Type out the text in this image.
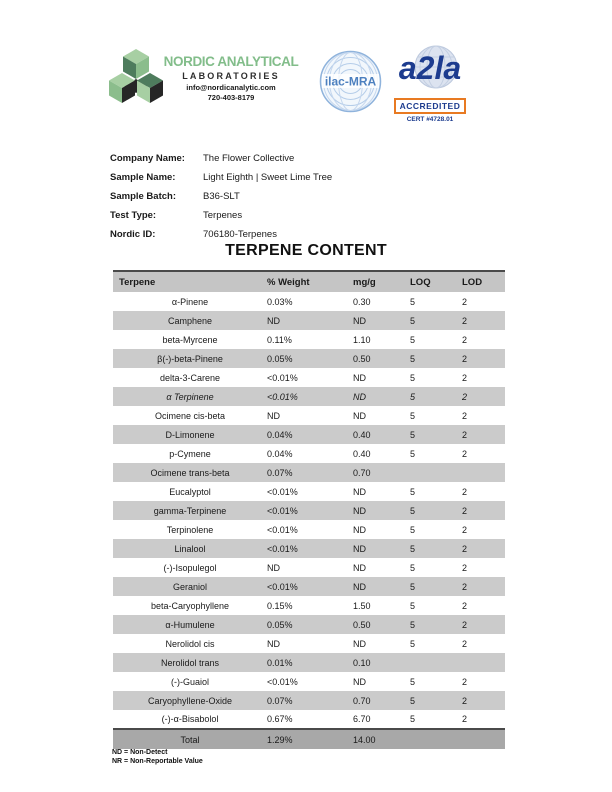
NORDIC ANALYTICAL
LABORATORIES
info@nordicanalytic.com
720-403-8179
ilac-MRA a2la
ACCREDITED
CERT #4728.01
Company Name:	The Flower Collective
Sample Name:	Light Eighth | Sweet Lime Tree
Sample Batch:	B36-SLT
Test Type:	Terpenes
Nordic ID:	706180-Terpenes
TERPENE CONTENT
Terpene	% Weight	mg/g	LOQ	LOD
α-Pinene	0.03%	0.30	5	2
Camphene	ND	ND	5	2
beta-Myrcene	0.11%	1.10	5	2
β(-)-beta-Pinene	0.05%	0.50	5	2
delta-3-Carene	<0.01%	ND	5	2
α Terpinene	<0.01%	ND	5	2
Ocimene cis-beta	ND	ND	5	2
D-Limonene	0.04%	0.40	5	2
p-Cymene	0.04%	0.40	5	2
Ocimene trans-beta	0.07%	0.70		
Eucalyptol	<0.01%	ND	5	2
gamma-Terpinene	<0.01%	ND	5	2
Terpinolene	<0.01%	ND	5	2
Linalool	<0.01%	ND	5	2
(-)-Isopulegol	ND	ND	5	2
Geraniol	<0.01%	ND	5	2
beta-Caryophyllene	0.15%	1.50	5	2
α-Humulene	0.05%	0.50	5	2
Nerolidol cis	ND	ND	5	2
Nerolidol trans	0.01%	0.10		
(-)-Guaiol	<0.01%	ND	5	2
Caryophyllene-Oxide	0.07%	0.70	5	2
(-)-α-Bisabolol	0.67%	6.70	5	2
Total	1.29%	14.00		
ND = Non-Detect
NR = Non-Reportable Value
